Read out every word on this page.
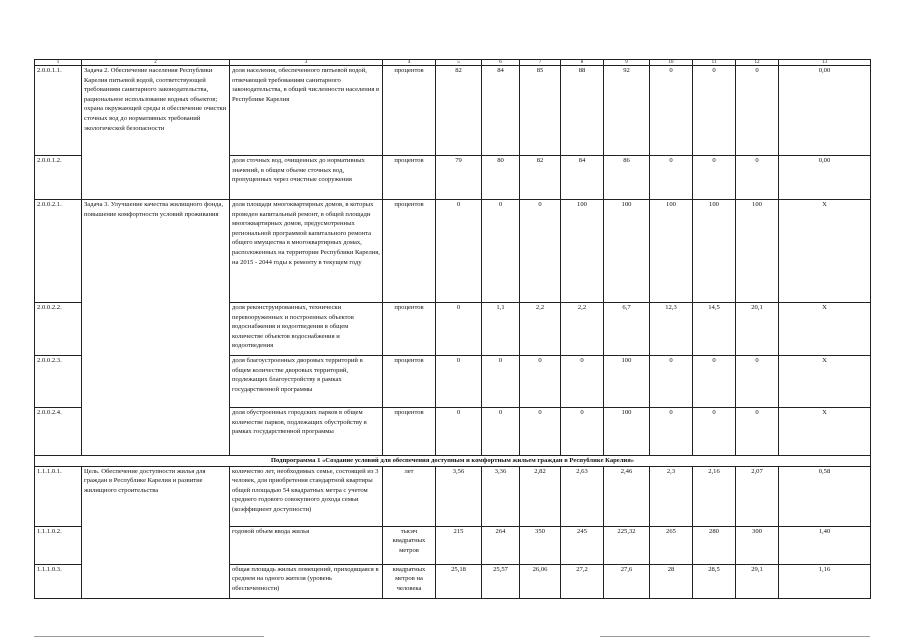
1	2	3	4	5	6	7	8	9	10	11	12	13
2.0.0.1.1.	Задача 2. Обеспечение населения Республики Карелия питьевой водой, соответствующей требованиям санитарного законодательства, рациональное использование водных объектов; охрана окружающей среды и обеспечение очистки сточных вод до нормативных требований экологической безопасности	доля населения, обеспеченного питьевой водой, отвечающей требованиям санитарного законодательства, в общей численности населения в Республике Карелия	процентов	82	84	85	88	92	0	0	0	0,00
2.0.0.1.2.		доля сточных вод, очищенных до нормативных значений, в общем объеме сточных вод, пропущенных через очистные сооружения	процентов	79	80	82	84	86	0	0	0	0,00
2.0.0.2.1.	Задача 3. Улучшение качества жилищного фонда, повышение комфортности условий проживания	доля площади многоквартирных домов, в которых проведен капитальный ремонт, в общей площади многоквартирных домов, предусмотренных региональной программой капитального ремонта общего имущества в многоквартирных домах, расположенных на территории Республики Карелия, на 2015 - 2044 годы к ремонту в текущем году	процентов	0	0	0	100	100	100	100	100	X
2.0.0.2.2.		доля реконструированных, технически перевооруженных и построенных объектов водоснабжения и водоотведения в общем количестве объектов водоснабжения и водоотведения	процентов	0	1,1	2,2	2,2	6,7	12,3	14,5	20,1	X
2.0.0.2.3.		доля благоустроенных дворовых территорий в общем количестве дворовых территорий, подлежащих благоустройству в рамках государственной программы	процентов	0	0	0	0	100	0	0	0	X
2.0.0.2.4.		доля обустроенных городских парков в общем количестве парков, подлежащих обустройству в рамках государственной программы	процентов	0	0	0	0	100	0	0	0	X
Подпрограмма 1 «Создание условий для обеспечения доступным и комфортным жильем граждан в Республике Карелия»												
1.1.1.0.1.	Цель. Обеспечение доступности жилья для граждан в Республике Карелия и развитие жилищного строительства	количество лет, необходимых семье, состоящей из 3 человек, для приобретения стандартной квартиры общей площадью 54 квадратных метра с учетом среднего годового совокупного дохода семьи (коэффициент доступности)	лет	3,56	3,36	2,82	2,63	2,46	2,3	2,16	2,07	0,58
1.1.1.0.2.		годовой объем ввода жилья	тысяч квадратных метров	215	264	350	245	225,32	265	280	300	1,40
1.1.1.0.3.		общая площадь жилых помещений, приходящаяся в среднем на одного жителя (уровень обеспеченности)	квадратных метров на человека	25,18	25,57	26,06	27,2	27,6	28	28,5	29,1	1,16
